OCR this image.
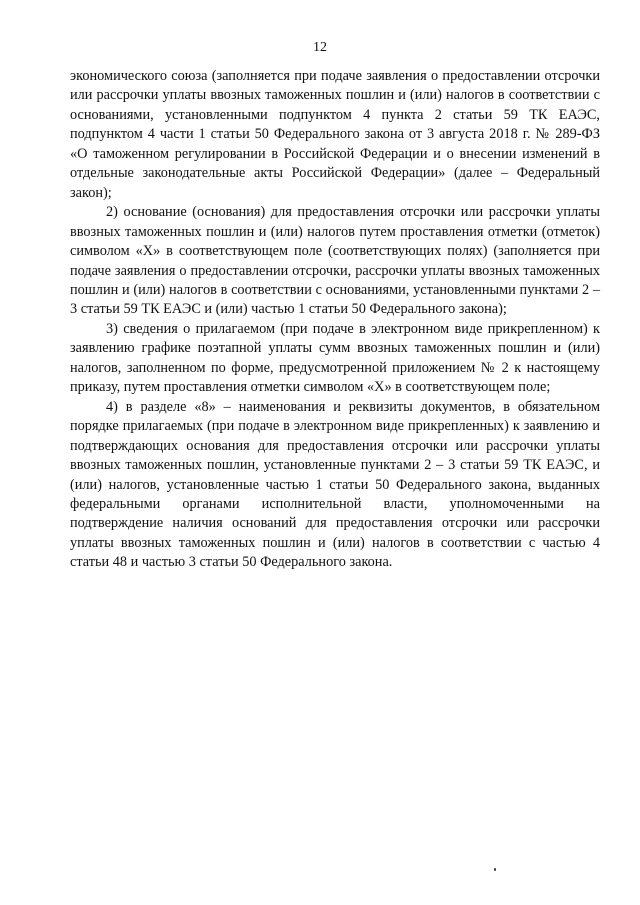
12

экономического союза (заполняется при подаче заявления о предоставлении отсрочки или рассрочки уплаты ввозных таможенных пошлин и (или) налогов в соответствии с основаниями, установленными подпунктом 4 пункта 2 статьи 59 ТК ЕАЭС, подпунктом 4 части 1 статьи 50 Федерального закона от 3 августа 2018 г. № 289-ФЗ «О таможенном регулировании в Российской Федерации и о внесении изменений в отдельные законодательные акты Российской Федерации» (далее – Федеральный закон);

2) основание (основания) для предоставления отсрочки или рассрочки уплаты ввозных таможенных пошлин и (или) налогов путем проставления отметки (отметок) символом «X» в соответствующем поле (соответствующих полях) (заполняется при подаче заявления о предоставлении отсрочки, рассрочки уплаты ввозных таможенных пошлин и (или) налогов в соответствии с основаниями, установленными пунктами 2 – 3 статьи 59 ТК ЕАЭС и (или) частью 1 статьи 50 Федерального закона);

3) сведения о прилагаемом (при подаче в электронном виде прикрепленном) к заявлению графике поэтапной уплаты сумм ввозных таможенных пошлин и (или) налогов, заполненном по форме, предусмотренной приложением № 2 к настоящему приказу, путем проставления отметки символом «X» в соответствующем поле;

4) в разделе «8» – наименования и реквизиты документов, в обязательном порядке прилагаемых (при подаче в электронном виде прикрепленных) к заявлению и подтверждающих основания для предоставления отсрочки или рассрочки уплаты ввозных таможенных пошлин, установленные пунктами 2 – 3 статьи 59 ТК ЕАЭС, и (или) налогов, установленные частью 1 статьи 50 Федерального закона, выданных федеральными органами исполнительной власти, уполномоченными на подтверждение наличия оснований для предоставления отсрочки или рассрочки уплаты ввозных таможенных пошлин и (или) налогов в соответствии с частью 4 статьи 48 и частью 3 статьи 50 Федерального закона.
